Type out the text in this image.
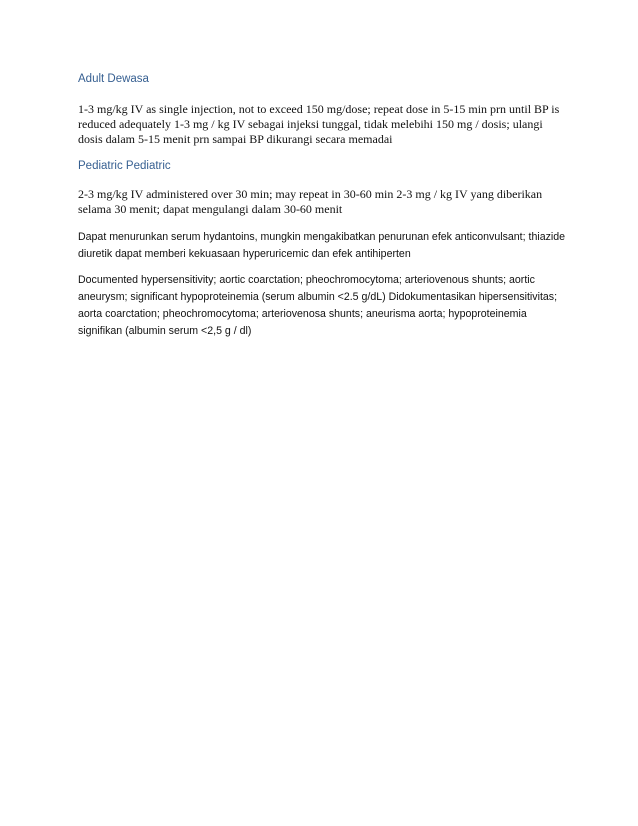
Adult Dewasa

1-3 mg/kg IV as single injection, not to exceed 150 mg/dose; repeat dose in 5-15 min prn until BP is reduced adequately 1-3 mg / kg IV sebagai injeksi tunggal, tidak melebihi 150 mg / dosis; ulangi dosis dalam 5-15 menit prn sampai BP dikurangi secara memadai

Pediatric Pediatric

2-3 mg/kg IV administered over 30 min; may repeat in 30-60 min 2-3 mg / kg IV yang diberikan selama 30 menit; dapat mengulangi dalam 30-60 menit

Dapat menurunkan serum hydantoins, mungkin mengakibatkan penurunan efek anticonvulsant; thiazide diuretik dapat memberi kekuasaan hyperuricemic dan efek antihiperten

Documented hypersensitivity; aortic coarctation; pheochromocytoma; arteriovenous shunts; aortic aneurysm; significant hypoproteinemia (serum albumin <2.5 g/dL) Didokumentasikan hipersensitivitas; aorta coarctation; pheochromocytoma; arteriovenosa shunts; aneurisma aorta; hypoproteinemia signifikan (albumin serum <2,5 g / dl)
